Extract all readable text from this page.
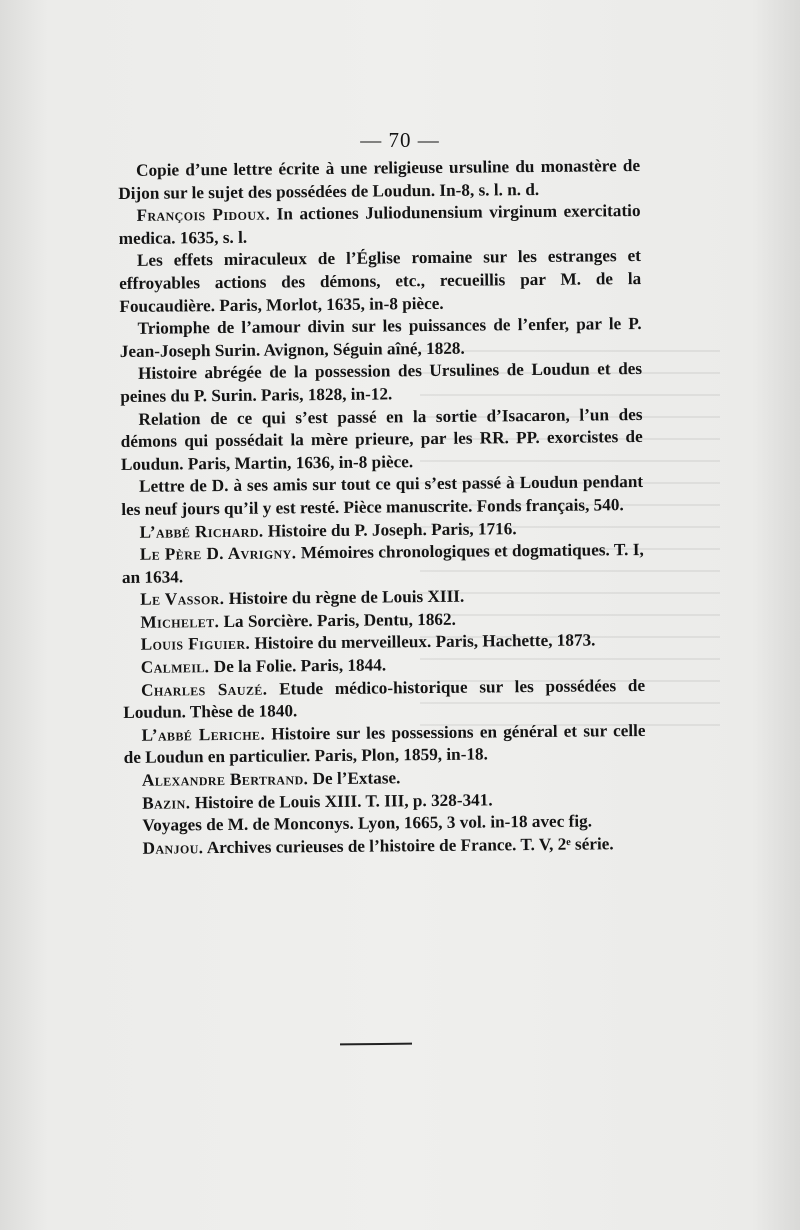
— 70 —

Copie d’une lettre écrite à une religieuse ursuline du monastère de Dijon sur le sujet des possédées de Loudun. In-8, s. l. n. d.

François Pidoux. In actiones Juliodunensium virginum exercitatio medica. 1635, s. l.

Les effets miraculeux de l’Église romaine sur les estranges et effroyables actions des démons, etc., recueillis par M. de la Foucaudière. Paris, Morlot, 1635, in-8 pièce.

Triomphe de l’amour divin sur les puissances de l’enfer, par le P. Jean-Joseph Surin. Avignon, Séguin aîné, 1828.

Histoire abrégée de la possession des Ursulines de Loudun et des peines du P. Surin. Paris, 1828, in-12.

Relation de ce qui s’est passé en la sortie d’Isacaron, l’un des démons qui possédait la mère prieure, par les RR. PP. exorcistes de Loudun. Paris, Martin, 1636, in-8 pièce.

Lettre de D. à ses amis sur tout ce qui s’est passé à Loudun pendant les neuf jours qu’il y est resté. Pièce manuscrite. Fonds français, 540.

L’abbé Richard. Histoire du P. Joseph. Paris, 1716.

Le Père D. Avrigny. Mémoires chronologiques et dogmatiques. T. I, an 1634.

Le Vassor. Histoire du règne de Louis XIII.

Michelet. La Sorcière. Paris, Dentu, 1862.

Louis Figuier. Histoire du merveilleux. Paris, Hachette, 1873.

Calmeil. De la Folie. Paris, 1844.

Charles Sauzé. Etude médico-historique sur les possédées de Loudun. Thèse de 1840.

L’abbé Leriche. Histoire sur les possessions en général et sur celle de Loudun en particulier. Paris, Plon, 1859, in-18.

Alexandre Bertrand. De l’Extase.

Bazin. Histoire de Louis XIII. T. III, p. 328-341.

Voyages de M. de Monconys. Lyon, 1665, 3 vol. in-18 avec fig.

Danjou. Archives curieuses de l’histoire de France. T. V, 2ᵉ série.
